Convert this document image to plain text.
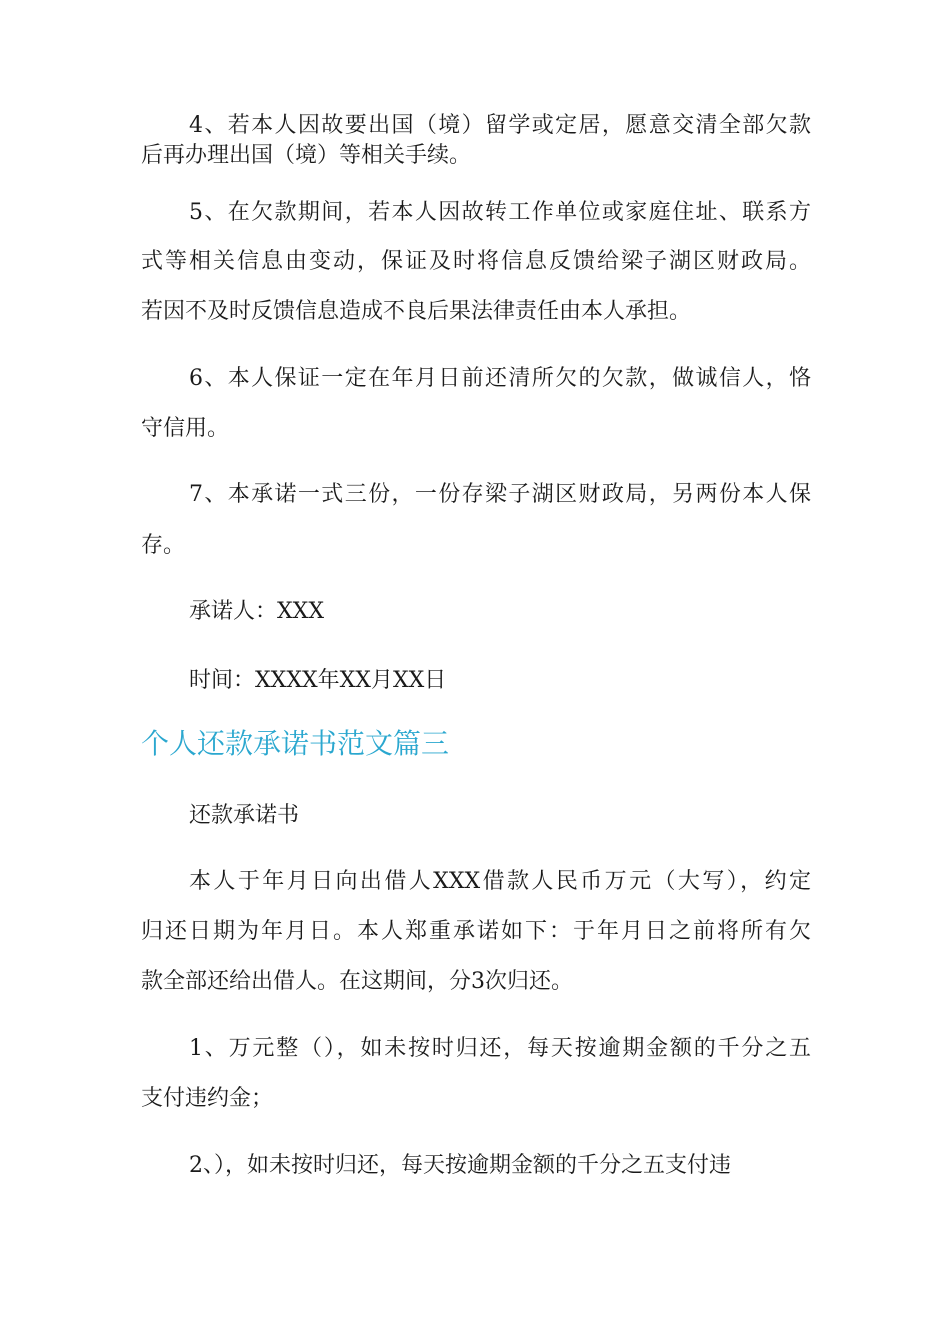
4、若本人因故要出国（境）留学或定居，愿意交清全部欠款
后再办理出国（境）等相关手续。
5、在欠款期间，若本人因故转工作单位或家庭住址、联系方
式等相关信息由变动，保证及时将信息反馈给梁子湖区财政局。
若因不及时反馈信息造成不良后果法律责任由本人承担。
6、本人保证一定在年月日前还清所欠的欠款，做诚信人，恪
守信用。
7、本承诺一式三份，一份存梁子湖区财政局，另两份本人保
存。
承诺人：XXX
时间：XXXX年XX月XX日
个人还款承诺书范文篇三
还款承诺书
本人于年月日向出借人XXX借款人民币万元（大写），约定
归还日期为年月日。本人郑重承诺如下：于年月日之前将所有欠
款全部还给出借人。在这期间，分3次归还。
1、万元整（），如未按时归还，每天按逾期金额的千分之五
支付违约金；
2、），如未按时归还，每天按逾期金额的千分之五支付违
